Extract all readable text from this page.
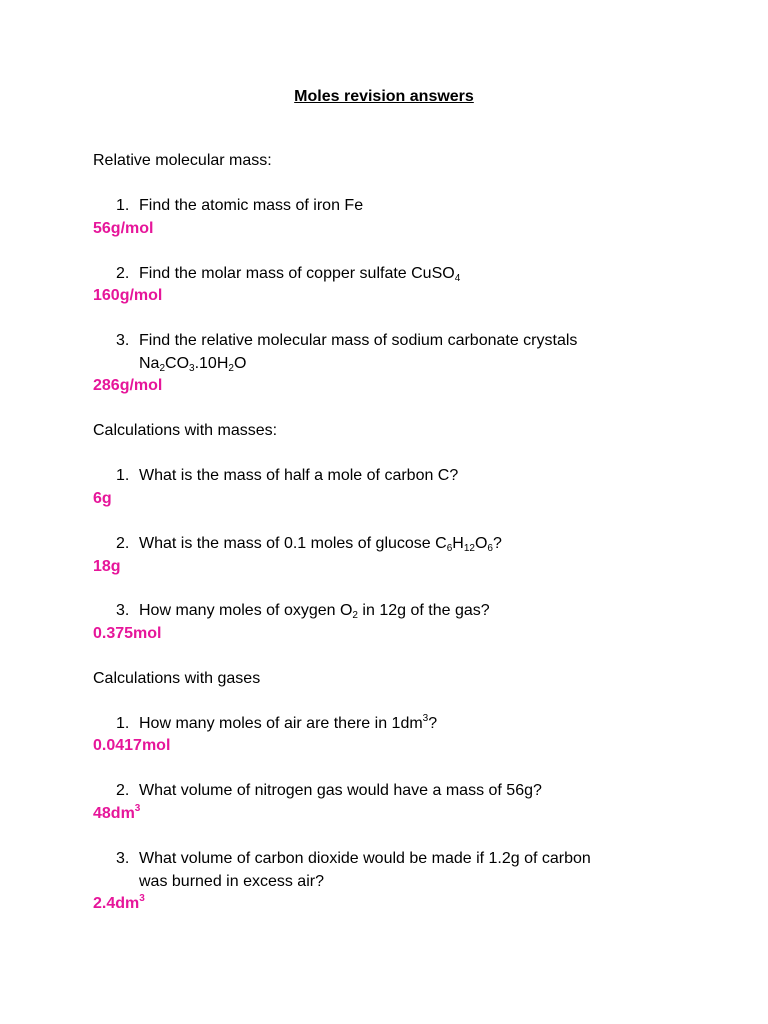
Moles revision answers
Relative molecular mass:
1. Find the atomic mass of iron Fe
56g/mol
2. Find the molar mass of copper sulfate CuSO$_4$
160g/mol
3. Find the relative molecular mass of sodium carbonate crystals
$Na_2CO_3.10H_2O$
286g/mol
Calculations with masses:
1. What is the mass of half a mole of carbon C?
6g
2. What is the mass of 0.1 moles of glucose $C_6H_{12}O_6$?
18g
3. How many moles of oxygen $O_2$ in 12g of the gas?
0.375mol
Calculations with gases
1. How many moles of air are there in $1dm^3$?
0.0417mol
2. What volume of nitrogen gas would have a mass of 56g?
$48dm^3$
3. What volume of carbon dioxide would be made if 1.2g of carbon
was burned in excess air?
$2.4dm^3$
